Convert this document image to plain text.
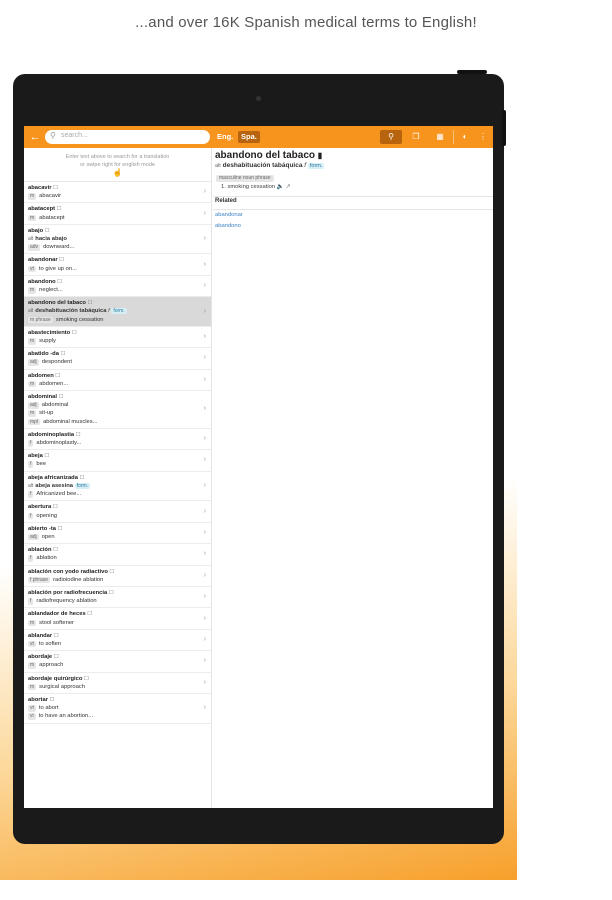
...and over 16K Spanish medical terms to English!
← ⚲ search...	Eng.	Spa.	⚲	❐	▦	◐	⋮
Enter text above to search for a translation
or swipe right for english mode
☝
abacavir ☐
m abacavir
›
abatacept ☐
m abatacept
›
abajo ☐
alt hacia abajo
adv downward...
›
abandonar ☐
vt to give up on...
›
abandono ☐
m neglect...
›
abandono del tabaco ☐
alt deshabituación tabáquica f form.
m phrase smoking cessation
›
abastecimiento ☐
m supply
›
abatido -da ☐
adj despondent
›
abdomen ☐
m abdomen...
›
abdominal ☐
adj abdominal
m sit-up
mpl abdominal muscles...
›
abdominoplastia ☐
f abdominoplasty...
›
abeja ☐
f bee
›
abeja africanizada ☐
alt abeja asesina form.
f Africanized bee...
›
abertura ☐
f opening
›
abierto -ta ☐
adj open
›
ablación ☐
f ablation
›
ablación con yodo radiactivo ☐
f phrase radioiodine ablation
›
ablación por radiofrecuencia ☐
f radiofrequency ablation
›
ablandador de heces ☐
m stool softener
›
ablandar ☐
vt to soften
›
abordaje ☐
m approach
›
abordaje quirúrgico ☐
m surgical approach
›
abortar ☐
vt to abort
vi to have an abortion...
›
abandono del tabaco ▮
alt deshabituación tabáquica f form.
masculine noun phrase
1. smoking cessation 🔈 ↗
Related
abandonar
abandono
